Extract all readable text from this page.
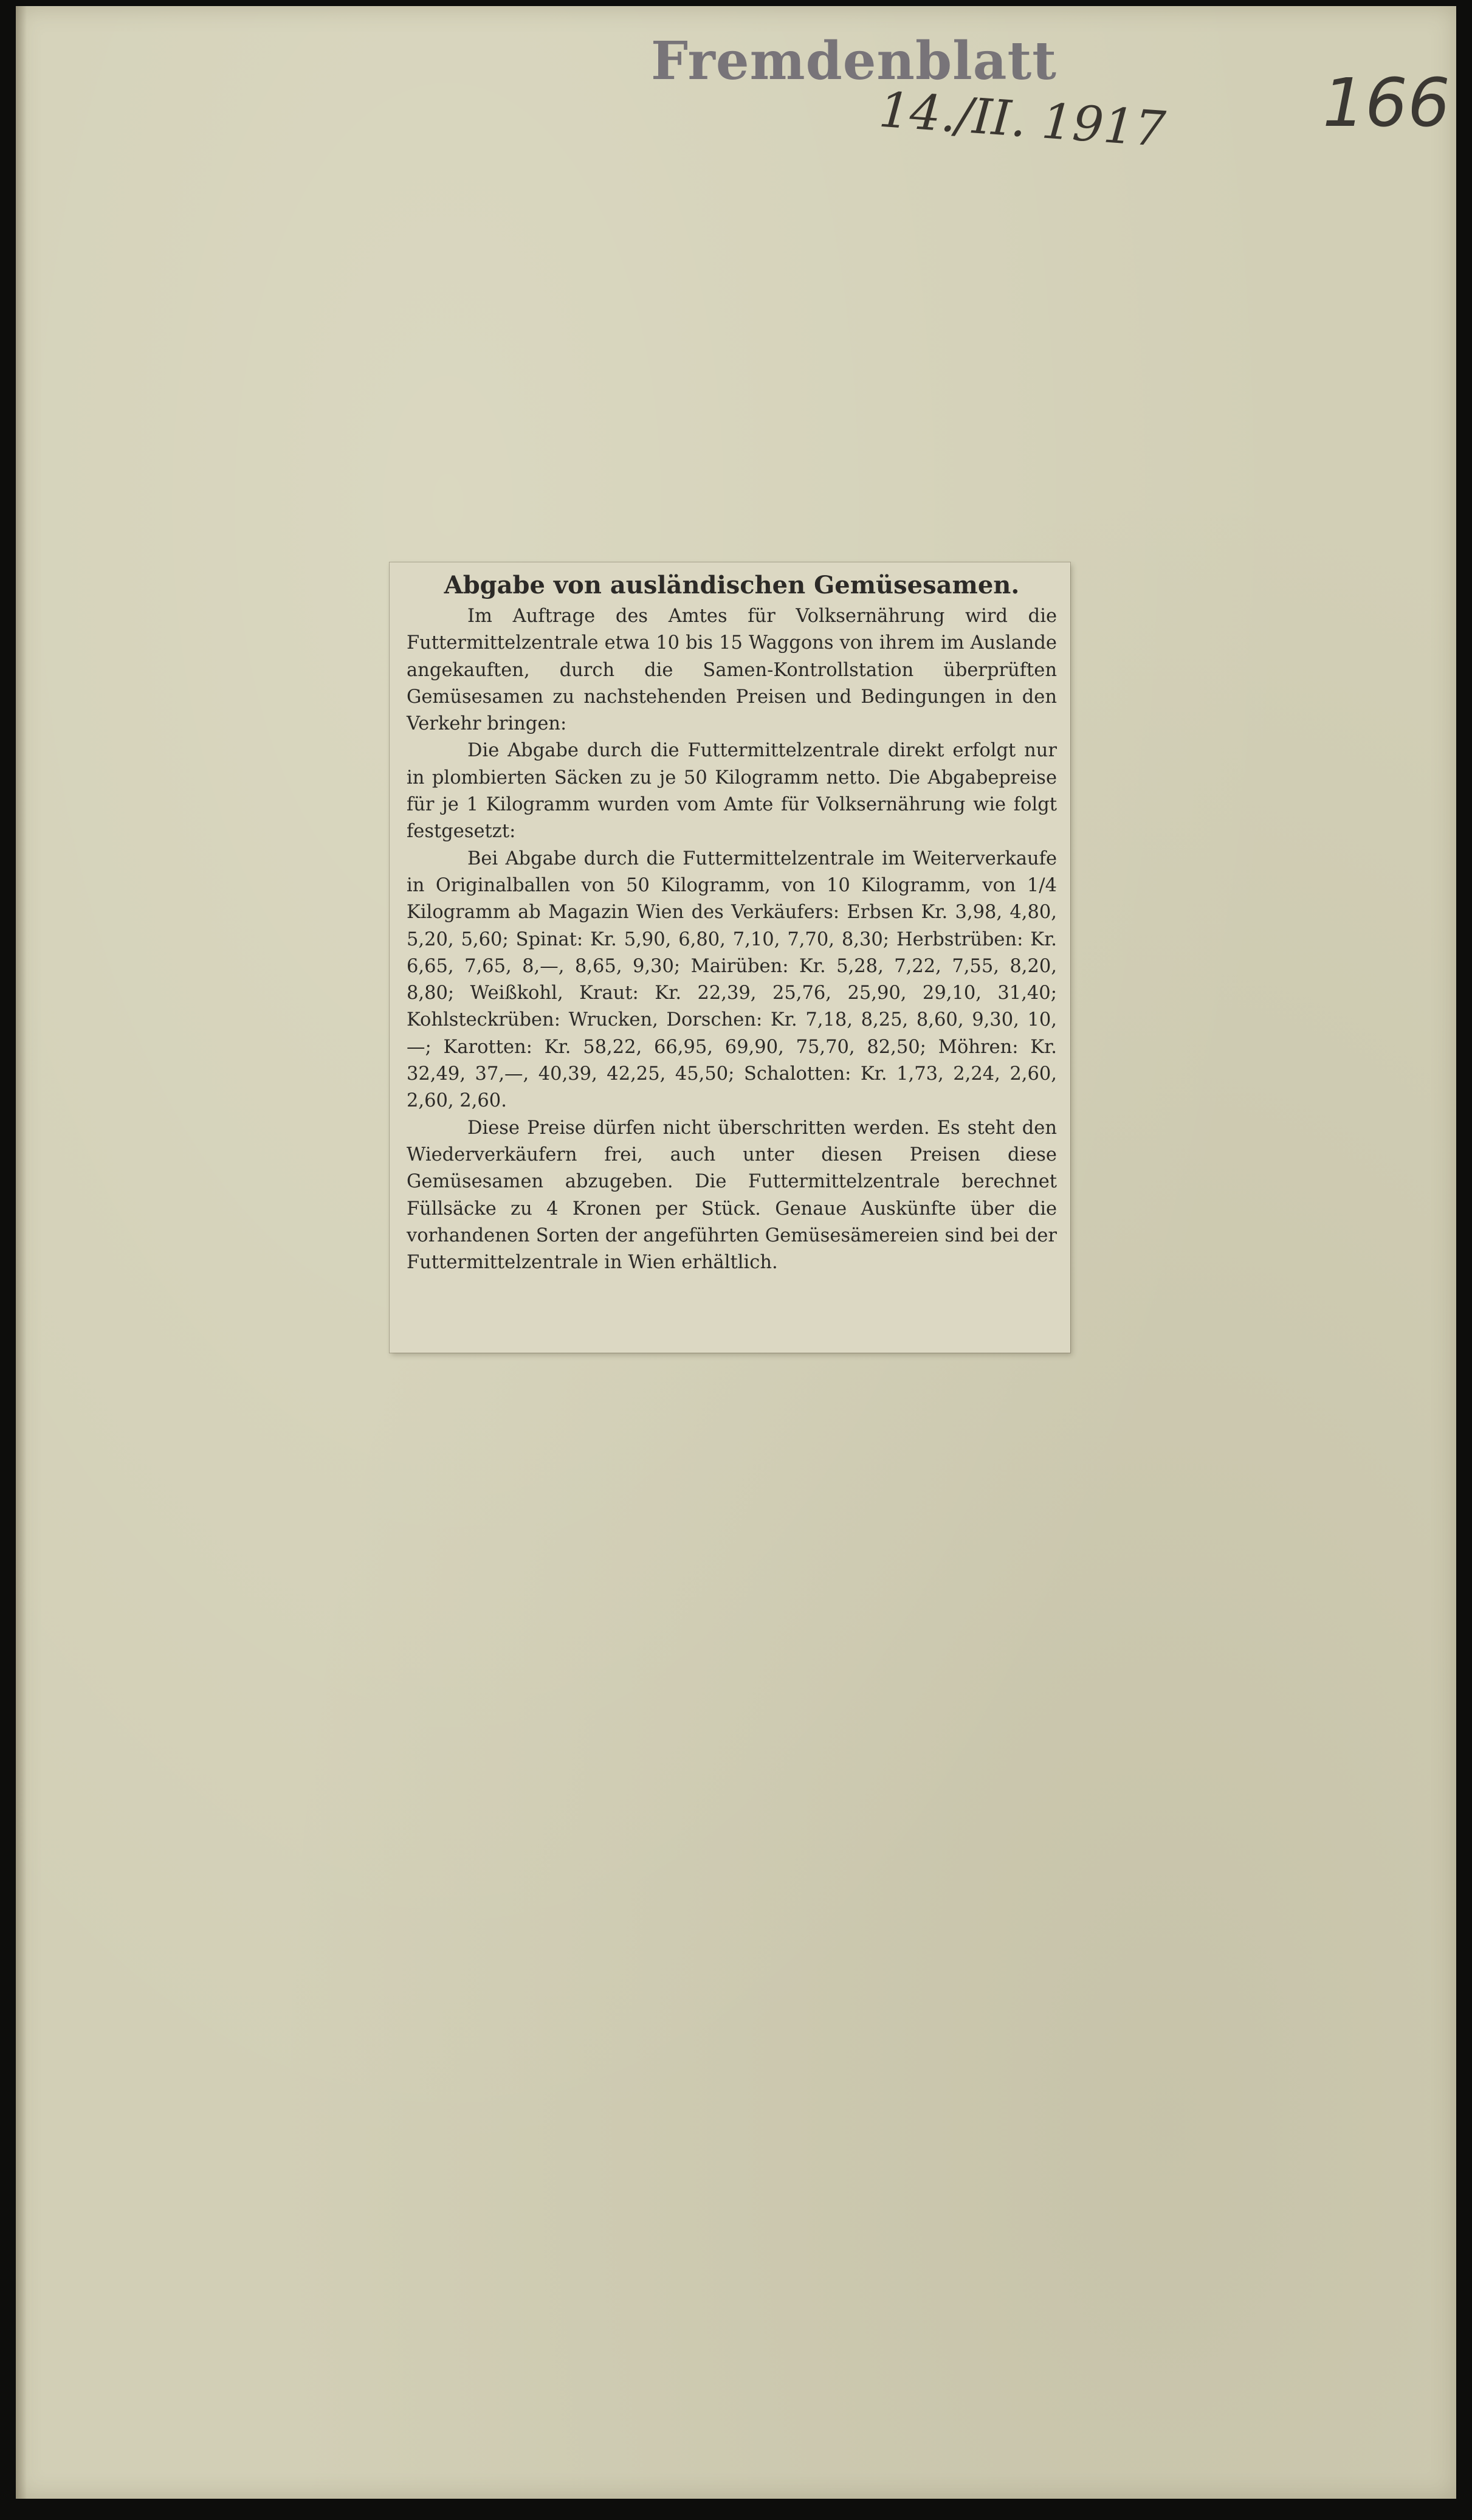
Fremdenblatt
14./II. 1917 166
Abgabe von ausländischen Gemüsesamen.

Im Auftrage des Amtes für Volksernährung wird die Futtermittelzentrale etwa 10 bis 15 Waggons von ihrem im Auslande angekauften, durch die Samen-Kontrollstation überprüften Gemüsesamen zu nachstehenden Preisen und Bedingungen in den Verkehr bringen:

Die Abgabe durch die Futtermittelzentrale direkt erfolgt nur in plombierten Säcken zu je 50 Kilogramm netto. Die Abgabepreise für je 1 Kilogramm wurden vom Amte für Volksernährung wie folgt festgesetzt:

Bei Abgabe durch die Futtermittelzentrale im Weiterverkaufe in Originalballen von 50 Kilogramm, von 10 Kilogramm, von 1/4 Kilogramm ab Magazin Wien des Verkäufers: Erbsen Kr. 3,98, 4,80, 5,20, 5,60; Spinat: Kr. 5,90, 6,80, 7,10, 7,70, 8,30; Herbstrüben: Kr. 6,65, 7,65, 8,—, 8,65, 9,30; Mairüben: Kr. 5,28, 7,22, 7,55, 8,20, 8,80; Weißkohl, Kraut: Kr. 22,39, 25,76, 25,90, 29,10, 31,40; Kohlsteckrüben: Wrucken, Dorschen: Kr. 7,18, 8,25, 8,60, 9,30, 10,—; Karotten: Kr. 58,22, 66,95, 69,90, 75,70, 82,50; Möhren: Kr. 32,49, 37,—, 40,39, 42,25, 45,50; Schalotten: Kr. 1,73, 2,24, 2,60, 2,60, 2,60.

Diese Preise dürfen nicht überschritten werden. Es steht den Wiederverkäufern frei, auch unter diesen Preisen diese Gemüsesamen abzugeben. Die Futtermittelzentrale berechnet Füllsäcke zu 4 Kronen per Stück. Genaue Auskünfte über die vorhandenen Sorten der angeführten Gemüsesämereien sind bei der Futtermittelzentrale in Wien erhältlich.
